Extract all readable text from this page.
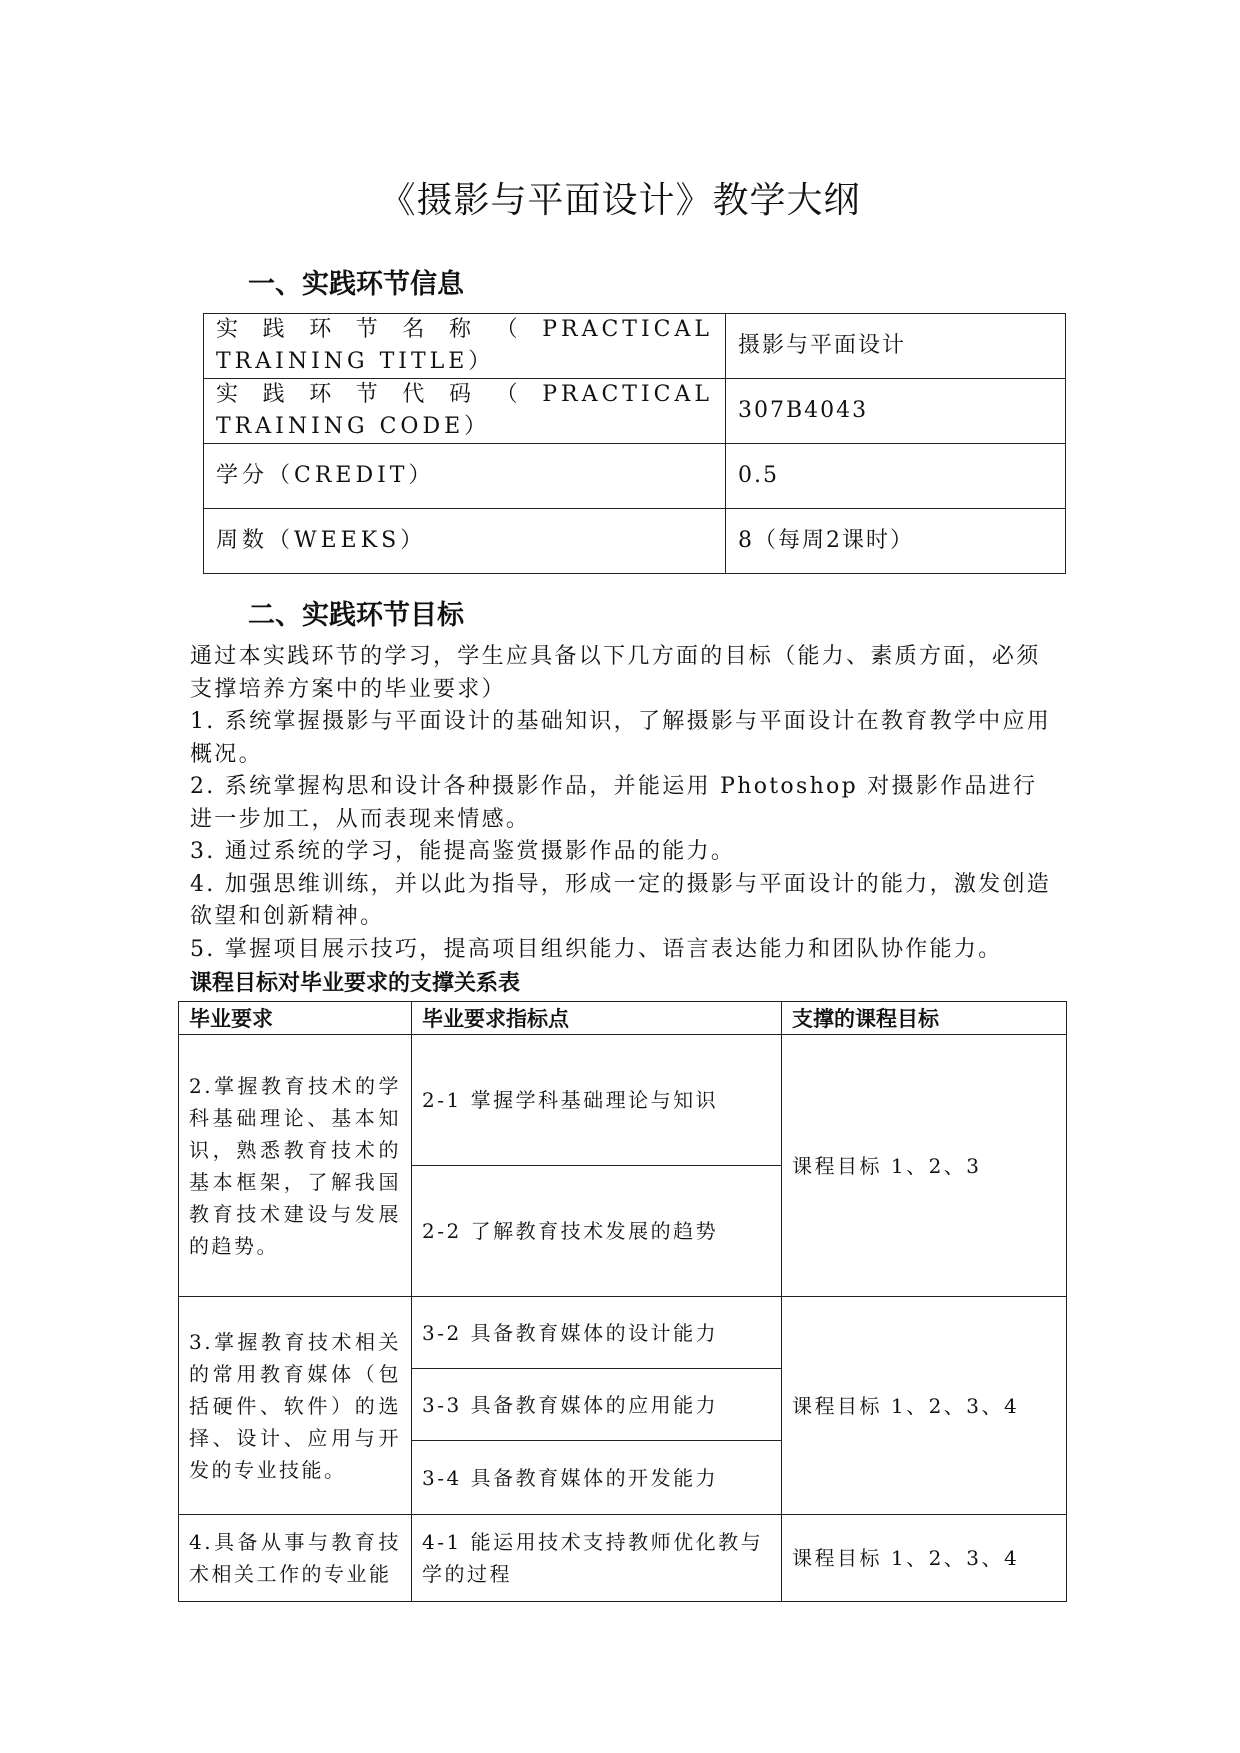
《摄影与平面设计》教学大纲
一、实践环节信息
实践环节名称（PRACTICAL TRAINING TITLE）	摄影与平面设计
实践环节代码（PRACTICAL TRAINING CODE）	307B4043
学分（CREDIT）	0.5
周数（WEEKS）	8（每周2课时）
二、实践环节目标

通过本实践环节的学习，学生应具备以下几方面的目标（能力、素质方面，必须支撑培养方案中的毕业要求）

1. 系统掌握摄影与平面设计的基础知识，了解摄影与平面设计在教育教学中应用概况。

2. 系统掌握构思和设计各种摄影作品，并能运用 Photoshop 对摄影作品进行进一步加工，从而表现来情感。

3. 通过系统的学习，能提高鉴赏摄影作品的能力。

4. 加强思维训练，并以此为指导，形成一定的摄影与平面设计的能力，激发创造欲望和创新精神。

5. 掌握项目展示技巧，提高项目组织能力、语言表达能力和团队协作能力。

课程目标对毕业要求的支撑关系表
毕业要求	毕业要求指标点	支撑的课程目标
2.掌握教育技术的学科基础理论、基本知识，熟悉教育技术的基本框架，了解我国教育技术建设与发展的趋势。	2-1 掌握学科基础理论与知识	课程目标 1、2、3
	2-2 了解教育技术发展的趋势	
3.掌握教育技术相关的常用教育媒体（包括硬件、软件）的选择、设计、应用与开发的专业技能。	3-2 具备教育媒体的设计能力	课程目标 1、2、3、4
	3-3 具备教育媒体的应用能力	
	3-4 具备教育媒体的开发能力	
4.具备从事与教育技术相关工作的专业能	4-1 能运用技术支持教师优化教与学的过程	课程目标 1、2、3、4
